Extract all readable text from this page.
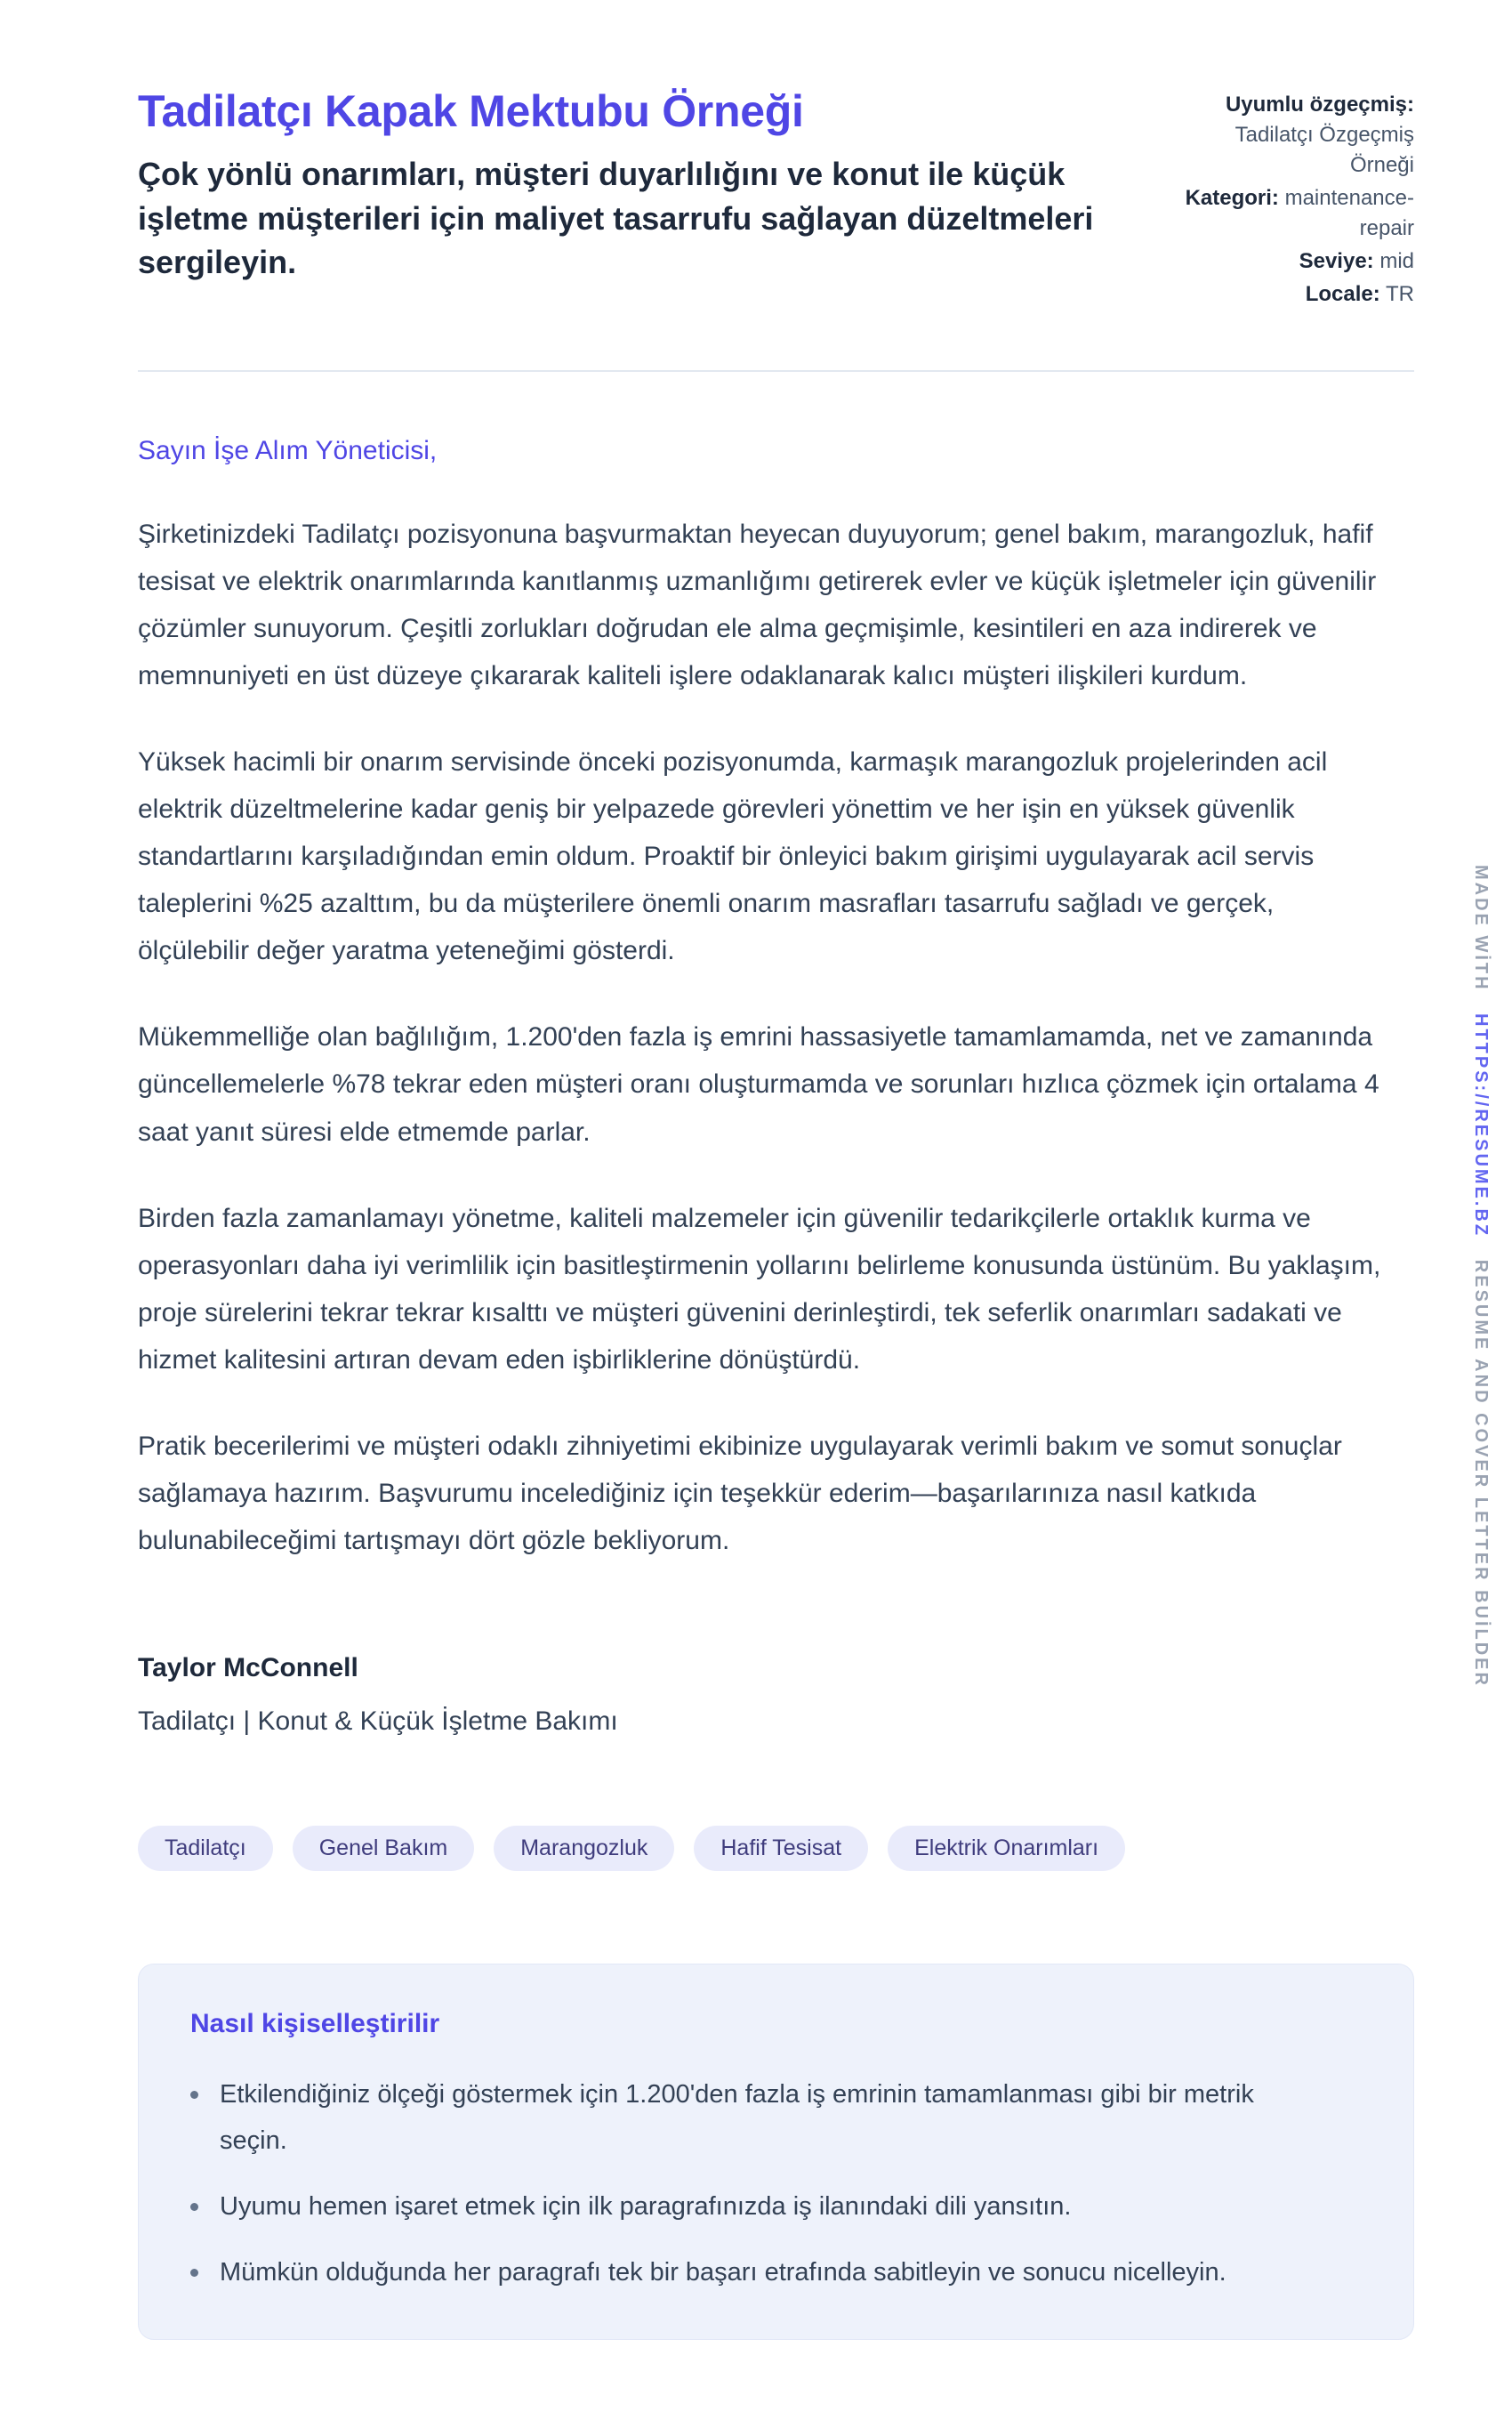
Tadilatçı Kapak Mektubu Örneği

Çok yönlü onarımları, müşteri duyarlılığını ve konut ile küçük işletme müşterileri için maliyet tasarrufu sağlayan düzeltmeleri sergileyin.

Uyumlu özgeçmiş: Tadilatçı Özgeçmiş Örneği
Kategori: maintenance-repair
Seviye: mid
Locale: TR

Sayın İşe Alım Yöneticisi,

Şirketinizdeki Tadilatçı pozisyonuna başvurmaktan heyecan duyuyorum; genel bakım, marangozluk, hafif tesisat ve elektrik onarımlarında kanıtlanmış uzmanlığımı getirerek evler ve küçük işletmeler için güvenilir çözümler sunuyorum. Çeşitli zorlukları doğrudan ele alma geçmişimle, kesintileri en aza indirerek ve memnuniyeti en üst düzeye çıkararak kaliteli işlere odaklanarak kalıcı müşteri ilişkileri kurdum.

Yüksek hacimli bir onarım servisinde önceki pozisyonumda, karmaşık marangozluk projelerinden acil elektrik düzeltmelerine kadar geniş bir yelpazede görevleri yönettim ve her işin en yüksek güvenlik standartlarını karşıladığından emin oldum. Proaktif bir önleyici bakım girişimi uygulayarak acil servis taleplerini %25 azalttım, bu da müşterilere önemli onarım masrafları tasarrufu sağladı ve gerçek, ölçülebilir değer yaratma yeteneğimi gösterdi.

Mükemmelliğe olan bağlılığım, 1.200'den fazla iş emrini hassasiyetle tamamlamamda, net ve zamanında güncellemelerle %78 tekrar eden müşteri oranı oluşturmamda ve sorunları hızlıca çözmek için ortalama 4 saat yanıt süresi elde etmemde parlar.

Birden fazla zamanlamayı yönetme, kaliteli malzemeler için güvenilir tedarikçilerle ortaklık kurma ve operasyonları daha iyi verimlilik için basitleştirmenin yollarını belirleme konusunda üstünüm. Bu yaklaşım, proje sürelerini tekrar tekrar kısalttı ve müşteri güvenini derinleştirdi, tek seferlik onarımları sadakati ve hizmet kalitesini artıran devam eden işbirliklerine dönüştürdü.

Pratik becerilerimi ve müşteri odaklı zihniyetimi ekibinize uygulayarak verimli bakım ve somut sonuçlar sağlamaya hazırım. Başvurumu incelediğiniz için teşekkür ederim—başarılarınıza nasıl katkıda bulunabileceğimi tartışmayı dört gözle bekliyorum.

Taylor McConnell

Tadilatçı | Konut & Küçük İşletme Bakımı

Tadilatçı	Genel Bakım	Marangozluk	Hafif Tesisat	Elektrik Onarımları
Nasıl kişiselleştirilir
Etkilendiğiniz ölçeği göstermek için 1.200'den fazla iş emrinin tamamlanması gibi bir metrik seçin.
Uyumu hemen işaret etmek için ilk paragrafınızda iş ilanındaki dili yansıtın.
Mümkün olduğunda her paragrafı tek bir başarı etrafında sabitleyin ve sonucu nicelleyin.
MADE WİTH HTTPS://RESUME.BZ RESUME AND COVER LETTER BUİLDER
